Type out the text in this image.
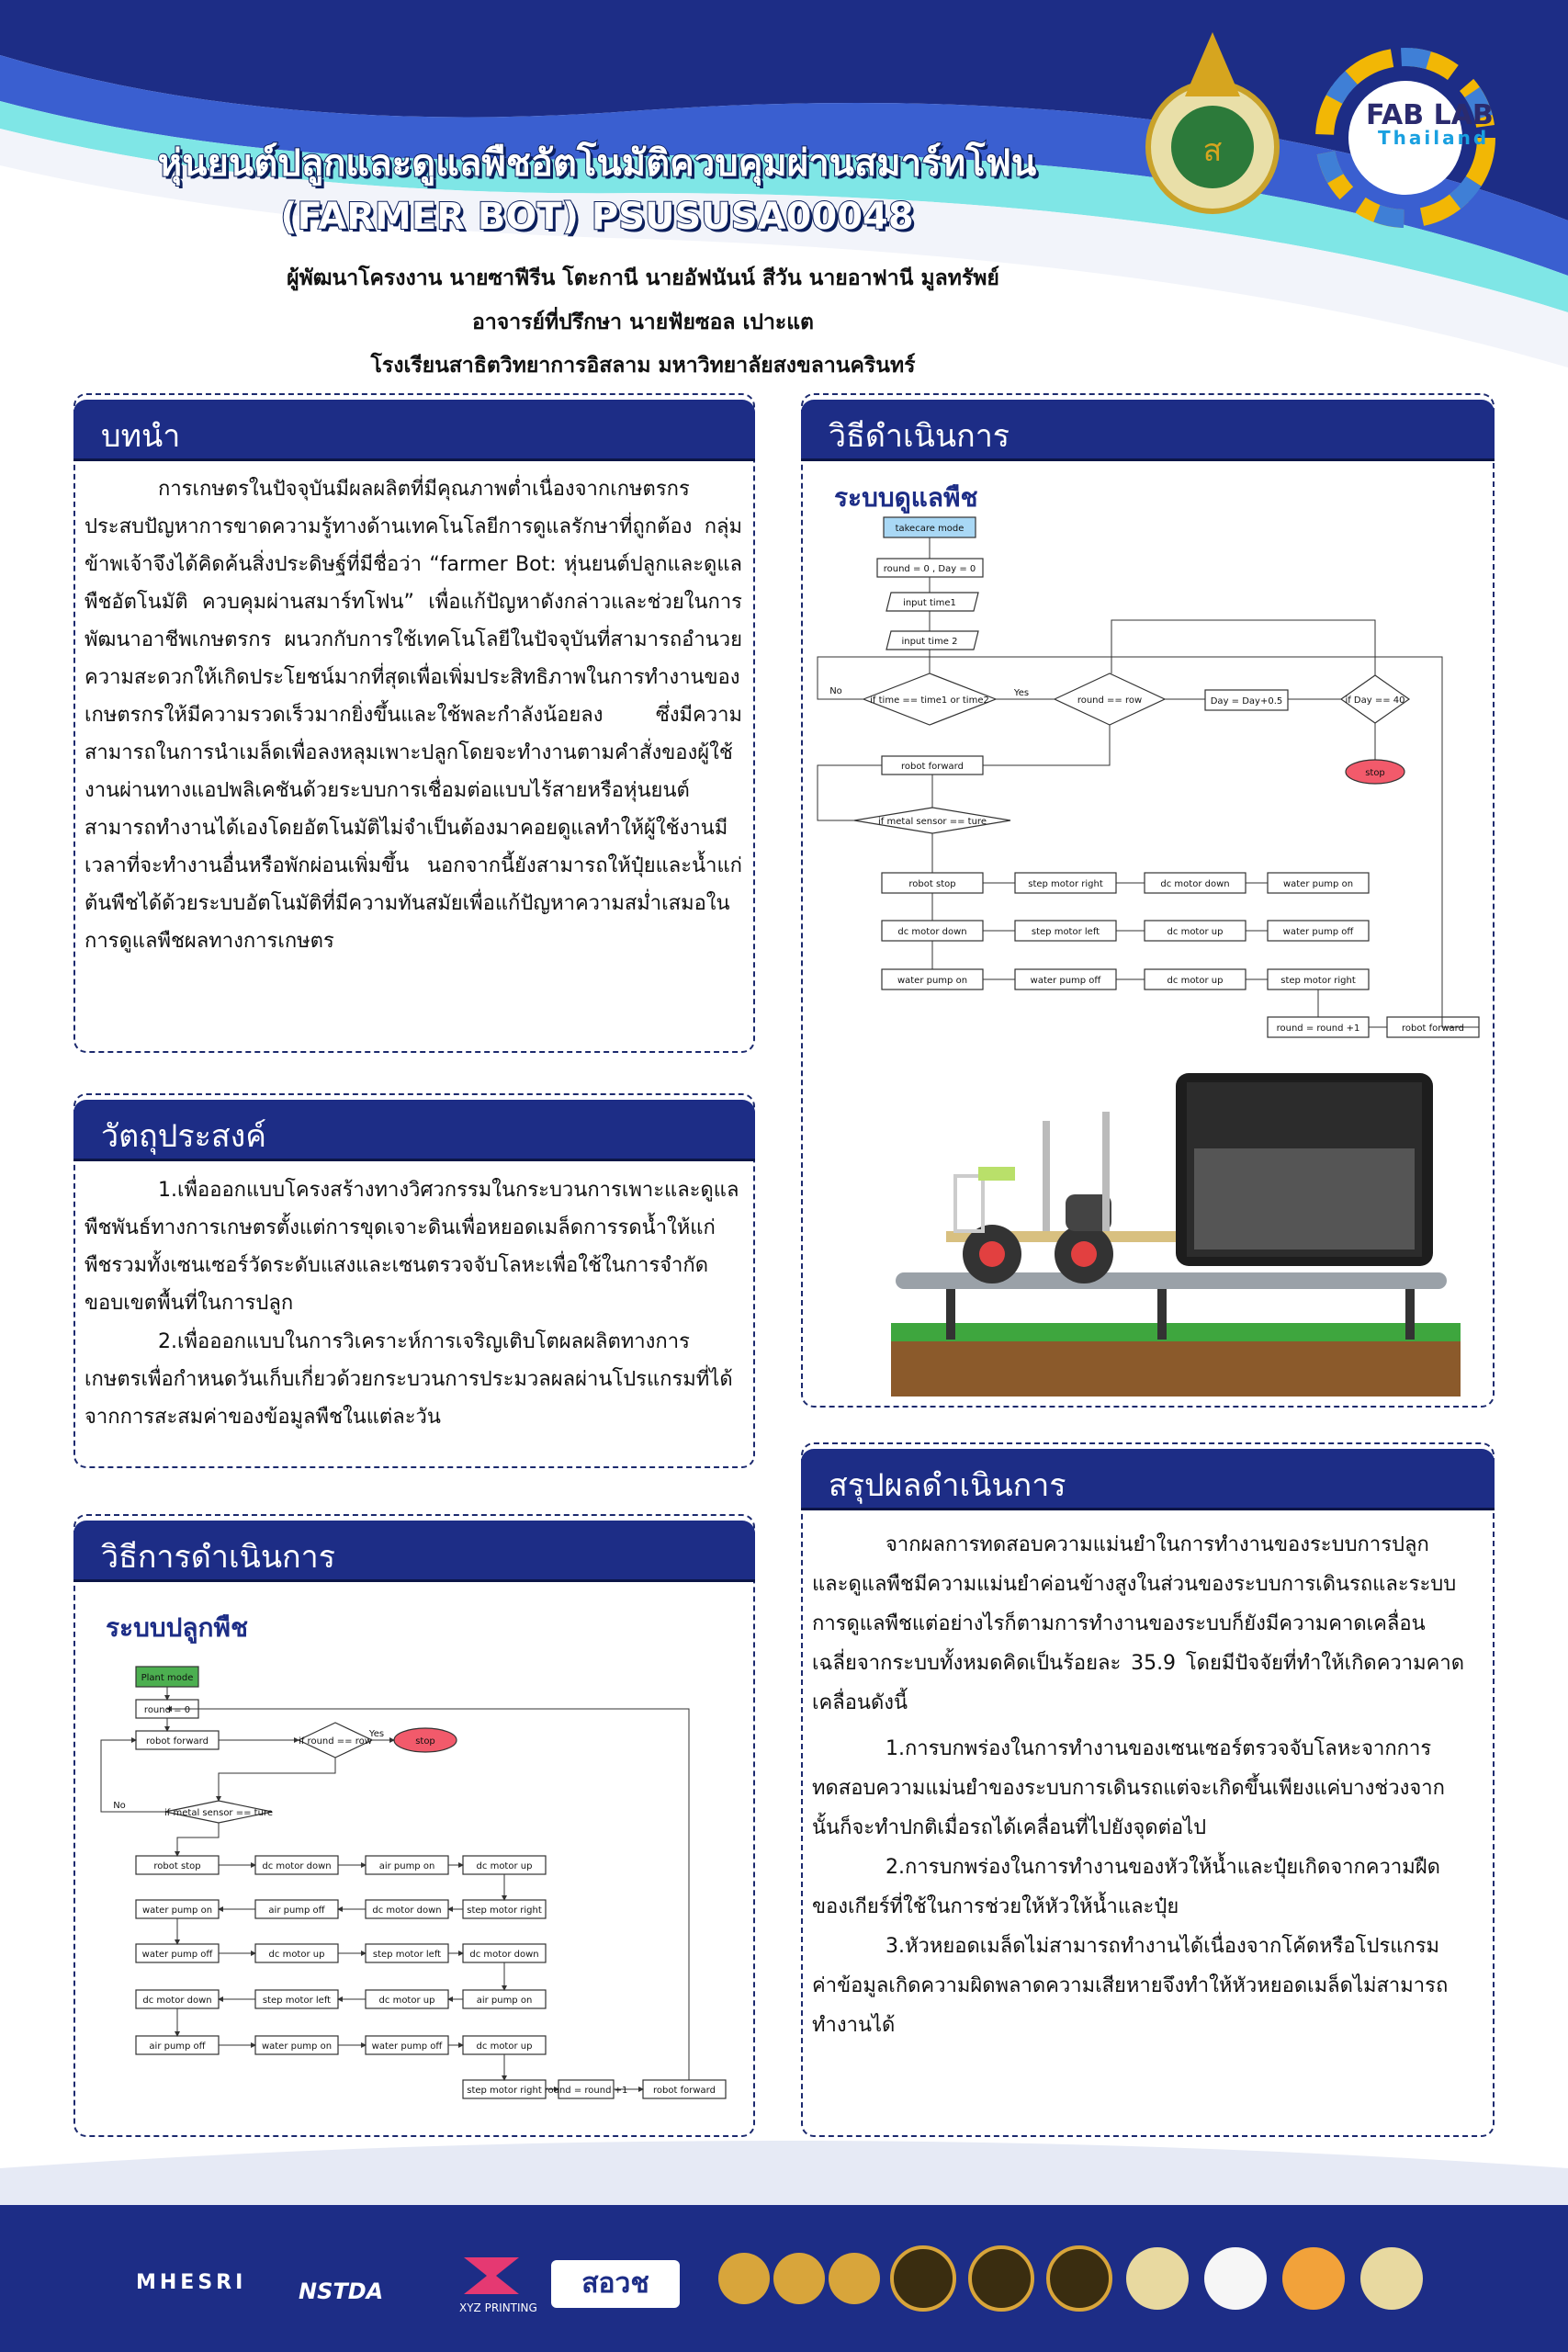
หุ่นยนต์ปลูกและดูแลพืชอัตโนมัติควบคุมผ่านสมาร์ทโฟน
(FARMER BOT) PSUSUSA00048
ผู้พัฒนาโครงงาน นายซาฟีรีน โตะกานี นายอัฟนันน์ สีวัน นายอาฟานี มูลทรัพย์
อาจารย์ที่ปรึกษา นายฟัยซอล เปาะแต
โรงเรียนสาธิตวิทยาการอิสลาม มหาวิทยาลัยสงขลานครินทร์
ส
FAB LAB
Thailand
บทนำ
การเกษตรในปัจจุบันมีผลผลิตที่มีคุณภาพต่ำเนื่องจากเกษตรกรประสบปัญหาการขาดความรู้ทางด้านเทคโนโลยีการดูแลรักษาที่ถูกต้อง กลุ่มข้าพเจ้าจึงได้คิดค้นสิ่งประดิษฐ์ที่มีชื่อว่า “farmer Bot: หุ่นยนต์ปลูกและดูแลพืชอัตโนมัติ ควบคุมผ่านสมาร์ทโฟน” เพื่อแก้ปัญหาดังกล่าวและช่วยในการพัฒนาอาชีพเกษตรกร ผนวกกับการใช้เทคโนโลยีในปัจจุบันที่สามารถอำนวยความสะดวกให้เกิดประโยชน์มากที่สุดเพื่อเพิ่มประสิทธิภาพในการทำงานของเกษตรกรให้มีความรวดเร็วมากยิ่งขึ้นและใช้พละกำลังน้อยลง ซึ่งมีความสามารถในการนำเมล็ดเพื่อลงหลุมเพาะปลูกโดยจะทำงานตามคำสั่งของผู้ใช้งานผ่านทางแอปพลิเคชันด้วยระบบการเชื่อมต่อแบบไร้สายหรือหุ่นยนต์สามารถทำงานได้เองโดยอัตโนมัติไม่จำเป็นต้องมาคอยดูแลทำให้ผู้ใช้งานมีเวลาที่จะทำงานอื่นหรือพักผ่อนเพิ่มขึ้น นอกจากนี้ยังสามารถให้ปุ๋ยและน้ำแก่ต้นพืชได้ด้วยระบบอัตโนมัติที่มีความทันสมัยเพื่อแก้ปัญหาความสม่ำเสมอในการดูแลพืชผลทางการเกษตร
วัตถุประสงค์
1.เพื่อออกแบบโครงสร้างทางวิศวกรรมในกระบวนการเพาะและดูแลพืชพันธ์ทางการเกษตรตั้งแต่การขุดเจาะดินเพื่อหยอดเมล็ดการรดน้ำให้แก่พืชรวมทั้งเซนเซอร์วัดระดับแสงและเซนตรวจจับโลหะเพื่อใช้ในการจำกัดขอบเขตพื้นที่ในการปลูก
2.เพื่อออกแบบในการวิเคราะห์การเจริญเติบโตผลผลิตทางการเกษตรเพื่อกำหนดวันเก็บเกี่ยวด้วยกระบวนการประมวลผลผ่านโปรแกรมที่ได้จากการสะสมค่าของข้อมูลพืชในแต่ละวัน
วิธีการดำเนินการ
ระบบปลูกพืช
Plant mode
round = 0
robot forward	if round == row	stop
if metal sensor == ture
Yes
No
robot stop	dc motor down	air pump on	dc motor up
water pump on	air pump off	dc motor down	step motor right
water pump off	dc motor up	step motor left	dc motor down
dc motor down	step motor left	dc motor up	air pump on
air pump off	water pump on	water pump off	dc motor up
step motor right round = round +1	robot forward
วิธีดำเนินการ
ระบบดูแลพืช
takecare mode
round = 0 , Day = 0
input time1
input time 2
if time == time1 or time2	round == row	Day = Day+0.5	if Day == 40
stop
robot forward
if metal sensor == ture
robot stop	step motor right	dc motor down	water pump on
dc motor down	step motor left	dc motor up	water pump off
water pump on	water pump off	dc motor up	step motor right
round = round +1	robot forward
Yes
No
สรุปผลดำเนินการ
จากผลการทดสอบความแม่นยำในการทำงานของระบบการปลูกและดูแลพืชมีความแม่นยำค่อนข้างสูงในส่วนของระบบการเดินรถและระบบการดูแลพืชแต่อย่างไรก็ตามการทำงานของระบบก็ยังมีความคาดเคลื่อนเฉลี่ยจากระบบทั้งหมดคิดเป็นร้อยละ 35.9 โดยมีปัจจัยที่ทำให้เกิดความคาดเคลื่อนดังนี้
1.การบกพร่องในการทำงานของเซนเซอร์ตรวจจับโลหะจากการทดสอบความแม่นยำของระบบการเดินรถแต่จะเกิดขึ้นเพียงแค่บางช่วงจากนั้นก็จะทำปกติเมื่อรถได้เคลื่อนที่ไปยังจุดต่อไป
2.การบกพร่องในการทำงานของหัวให้น้ำและปุ๋ยเกิดจากความฝืดของเกียร์ที่ใช้ในการช่วยให้หัวให้น้ำและปุ๋ย
3.หัวหยอดเมล็ดไม่สามารถทำงานได้เนื่องจากโค้ดหรือโปรแกรมค่าข้อมูลเกิดความผิดพลาดความเสียหายจึงทำให้หัวหยอดเมล็ดไม่สามารถทำงานได้
MHESRI NSTDA
XYZ PRINTING
สอวช
